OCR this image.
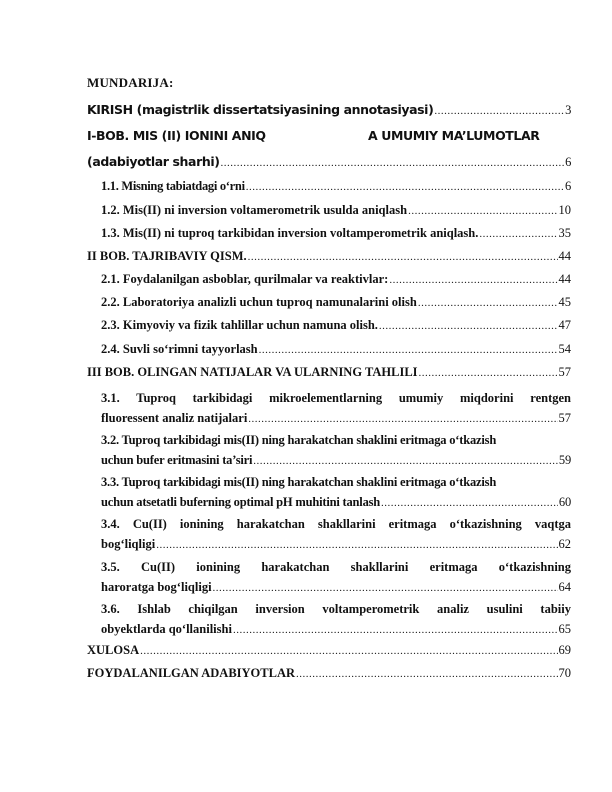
MUNDARIJA:
KIRISH (magistrlik dissertatsiyasining annotasiyasi) .....	3
I-BOB. MIS (II) IONINI ANIQ	A UMUMIY MA’LUMOTLAR
(adabiyotlar sharhi) .....	6
1.1. Misning tabiatdagi o‘rni .....	6
1.2. Mis(II) ni inversion voltamerometrik usulda aniqlash .....	10
1.3. Mis(II) ni tuproq tarkibidan inversion voltamperometrik aniqlash. .....	35
II BOB. TAJRIBAVIY QISM. .....	44
2.1. Foydalanilgan asboblar, qurilmalar va reaktivlar: .....	44
2.2. Laboratoriya analizli uchun tuproq namunalarini olish .....	45
2.3. Kimyoviy va fizik tahlillar uchun namuna olish. .....	47
2.4. Suvli so‘rimni tayyorlash .....	54
III BOB. OLINGAN NATIJALAR VA ULARNING TAHLILI .....	57
3.1. Tuproq tarkibidagi mikroelementlarning umumiy miqdorini rentgen
fluoressent analiz natijalari .....	57
3.2. Tuproq tarkibidagi mis(II) ning harakatchan shaklini eritmaga o‘tkazish
uchun bufer eritmasini ta’siri .....	59
3.3. Tuproq tarkibidagi mis(II) ning harakatchan shaklini eritmaga o‘tkazish
uchun atsetatli buferning optimal pH muhitini tanlash .....	60
3.4. Cu(II) ionining harakatchan shakllarini eritmaga o‘tkazishning vaqtga
bog‘liqligi .....	62
3.5. Cu(II) ionining harakatchan shakllarini eritmaga o‘tkazishning
haroratga bog‘liqligi .....	64
3.6. Ishlab chiqilgan inversion voltamperometrik analiz usulini tabiiy
obyektlarda qo‘llanilishi .....	65
XULOSA .....	69
FOYDALANILGAN ADABIYOTLAR .....	70
